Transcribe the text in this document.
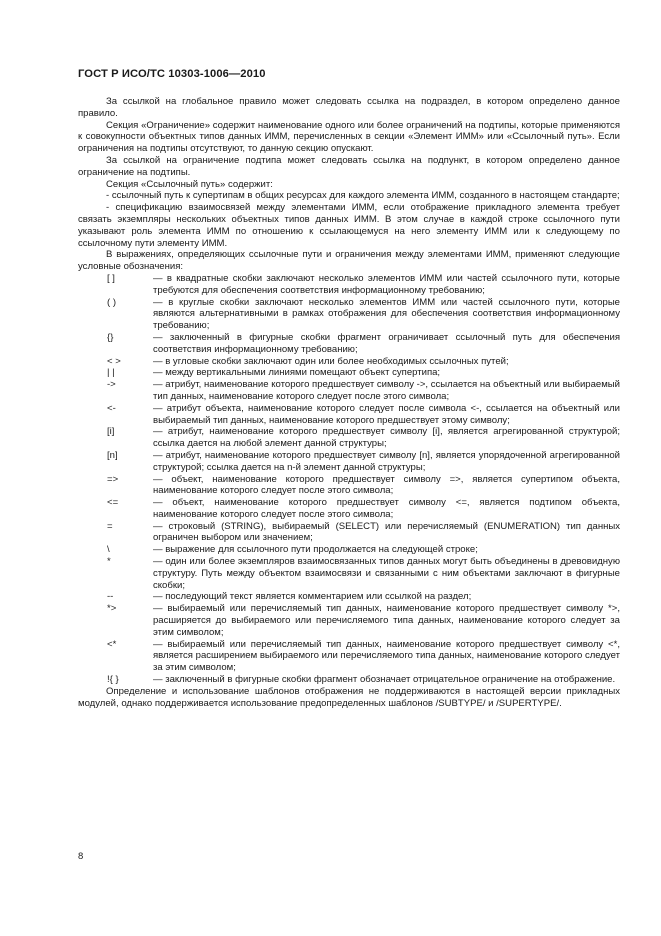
ГОСТ Р ИСО/ТС 10303-1006—2010

За ссылкой на глобальное правило может следовать ссылка на подраздел, в котором определено данное правило.

Секция «Ограничение» содержит наименование одного или более ограничений на подтипы, которые применяются к совокупности объектных типов данных ИММ, перечисленных в секции «Элемент ИММ» или «Ссылочный путь». Если ограничения на подтипы отсутствуют, то данную секцию опускают.

За ссылкой на ограничение подтипа может следовать ссылка на подпункт, в котором определено данное ограничение на подтипы.

Секция «Ссылочный путь» содержит:

- ссылочный путь к супертипам в общих ресурсах для каждого элемента ИММ, созданного в настоящем стандарте;

- спецификацию взаимосвязей между элементами ИММ, если отображение прикладного элемента требует связать экземпляры нескольких объектных типов данных ИММ. В этом случае в каждой строке ссылочного пути указывают роль элемента ИММ по отношению к ссылающемуся на него элементу ИММ или к следующему по ссылочному пути элементу ИММ.

В выражениях, определяющих ссылочные пути и ограничения между элементами ИММ, применяют следующие условные обозначения:

[ ]	— в квадратные скобки заключают несколько элементов ИММ или частей ссылочного пути, которые требуются для обеспечения соответствия информационному требованию;
( )	— в круглые скобки заключают несколько элементов ИММ или частей ссылочного пути, которые являются альтернативными в рамках отображения для обеспечения соответствия информационному требованию;
{}	— заключенный в фигурные скобки фрагмент ограничивает ссылочный путь для обеспечения соответствия информационному требованию;
< >	— в угловые скобки заключают один или более необходимых ссылочных путей;
| |	— между вертикальными линиями помещают объект супертипа;
->	— атрибут, наименование которого предшествует символу ->, ссылается на объектный или выбираемый тип данных, наименование которого следует после этого символа;
<-	— атрибут объекта, наименование которого следует после символа <-, ссылается на объектный или выбираемый тип данных, наименование которого предшествует этому символу;
[i]	— атрибут, наименование которого предшествует символу [i], является агрегированной структурой; ссылка дается на любой элемент данной структуры;
[n]	— атрибут, наименование которого предшествует символу [n], является упорядоченной агрегированной структурой; ссылка дается на n-й элемент данной структуры;
=>	— объект, наименование которого предшествует символу =>, является супертипом объекта, наименование которого следует после этого символа;
<=	— объект, наименование которого предшествует символу <=, является подтипом объекта, наименование которого следует после этого символа;
=	— строковый (STRING), выбираемый (SELECT) или перечисляемый (ENUMERATION) тип данных ограничен выбором или значением;
\	— выражение для ссылочного пути продолжается на следующей строке;
*	— один или более экземпляров взаимосвязанных типов данных могут быть объединены в древовидную структуру. Путь между объектом взаимосвязи и связанными с ним объектами заключают в фигурные скобки;
--	— последующий текст является комментарием или ссылкой на раздел;
*>	— выбираемый или перечисляемый тип данных, наименование которого предшествует символу *>, расширяется до выбираемого или перечисляемого типа данных, наименование которого следует за этим символом;
<*	— выбираемый или перечисляемый тип данных, наименование которого предшествует символу <*, является расширением выбираемого или перечисляемого типа данных, наименование которого следует за этим символом;
!{ }	— заключенный в фигурные скобки фрагмент обозначает отрицательное ограничение на отображение.

Определение и использование шаблонов отображения не поддерживаются в настоящей версии прикладных модулей, однако поддерживается использование предопределенных шаблонов /SUBTYPE/ и /SUPERTYPE/.

8
